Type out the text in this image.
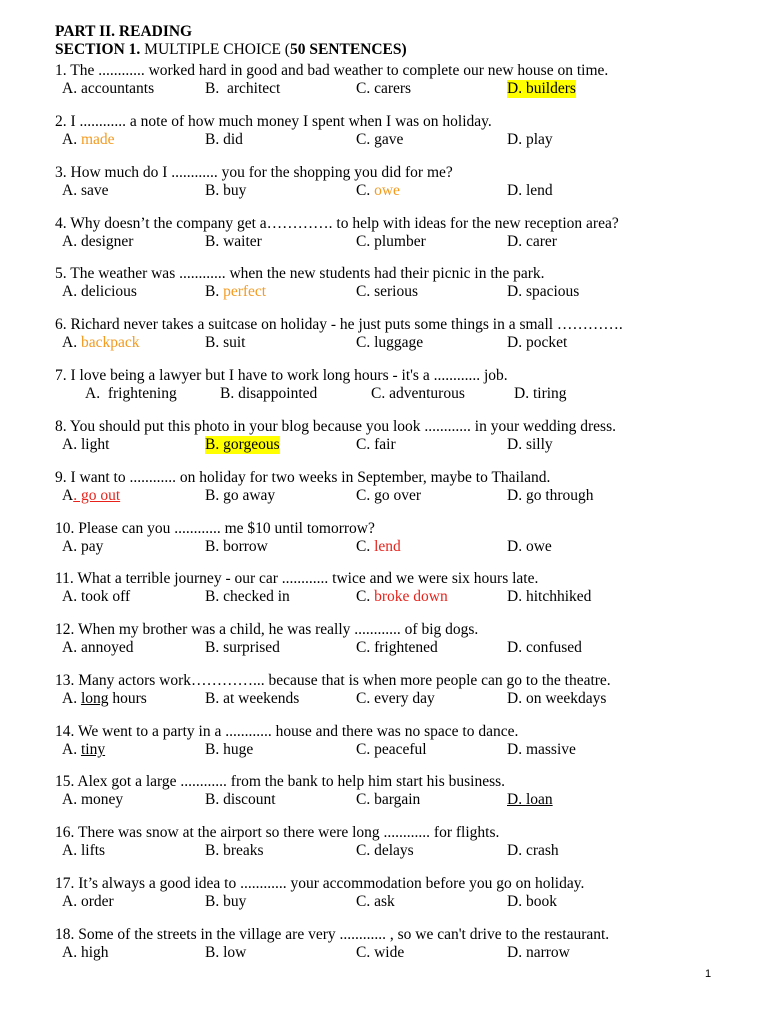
PART II. READING
SECTION 1. MULTIPLE CHOICE (50 SENTENCES)
1. The ............ worked hard in good and bad weather to complete our new house on time.
A. accountants	B.  architect	C. carers	D. builders
2. I ............ a note of how much money I spent when I was on holiday.
A. made	B. did	C. gave	D. play
3. How much do I ............ you for the shopping you did for me?
A. save	B. buy	C. owe	D. lend
4. Why doesn’t the company get a…………. to help with ideas for the new reception area?
A. designer	B. waiter	C. plumber	D. carer
5. The weather was ............ when the new students had their picnic in the park.
A. delicious	B. perfect	C. serious	D. spacious
6. Richard never takes a suitcase on holiday - he just puts some things in a small ………….
A. backpack	B. suit	C. luggage	D. pocket
7. I love being a lawyer but I have to work long hours - it's a ............ job.
A.  frightening	B. disappointed	C. adventurous	D. tiring
8. You should put this photo in your blog because you look ............ in your wedding dress.
A. light	B. gorgeous	C. fair	D. silly
9. I want to ............ on holiday for two weeks in September, maybe to Thailand.
A. go out	B. go away	C. go over	D. go through
10. Please can you ............ me $10 until tomorrow?
A. pay	B. borrow	C. lend	D. owe
11. What a terrible journey - our car ............ twice and we were six hours late.
A. took off	B. checked in	C. broke down	D. hitchhiked
12. When my brother was a child, he was really ............ of big dogs.
A. annoyed	B. surprised	C. frightened	D. confused
13. Many actors work…………... because that is when more people can go to the theatre.
A. long hours	B. at weekends	C. every day	D. on weekdays
14. We went to a party in a ............ house and there was no space to dance.
A. tiny	B. huge	C. peaceful	D. massive
15. Alex got a large ............ from the bank to help him start his business.
A. money	B. discount	C. bargain	D. loan
16. There was snow at the airport so there were long ............ for flights.
A. lifts	B. breaks	C. delays	D. crash
17. It’s always a good idea to ............ your accommodation before you go on holiday.
A. order	B. buy	C. ask	D. book
18. Some of the streets in the village are very ............ , so we can't drive to the restaurant.
A. high	B. low	C. wide	D. narrow
1
